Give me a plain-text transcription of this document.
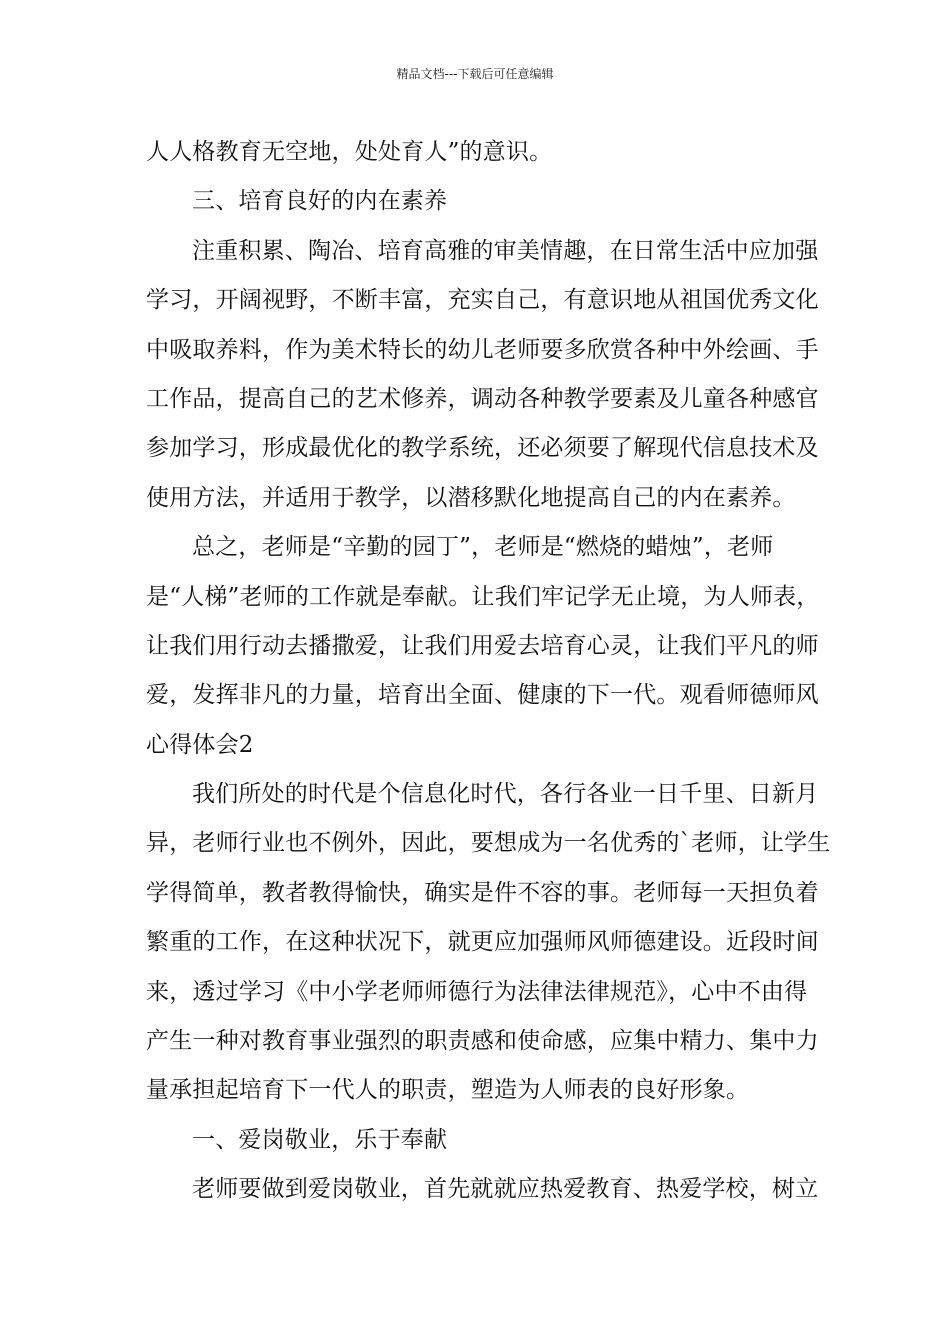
精品文档---下载后可任意编辑
人人格教育无空地，处处育人”的意识。
三、培育良好的内在素养
注重积累、陶冶、培育高雅的审美情趣，在日常生活中应加强
学习，开阔视野，不断丰富，充实自己，有意识地从祖国优秀文化
中吸取养料，作为美术特长的幼儿老师要多欣赏各种中外绘画、手
工作品，提高自己的艺术修养，调动各种教学要素及儿童各种感官
参加学习，形成最优化的教学系统，还必须要了解现代信息技术及
使用方法，并适用于教学，以潜移默化地提高自己的内在素养。
总之，老师是“辛勤的园丁”，老师是“燃烧的蜡烛”，老师
是“人梯”老师的工作就是奉献。让我们牢记学无止境，为人师表，
让我们用行动去播撒爱，让我们用爱去培育心灵，让我们平凡的师
爱，发挥非凡的力量，培育出全面、健康的下一代。观看师德师风
心得体会2
我们所处的时代是个信息化时代，各行各业一日千里、日新月
异，老师行业也不例外，因此，要想成为一名优秀的`老师，让学生
学得简单，教者教得愉快，确实是件不容的事。老师每一天担负着
繁重的工作，在这种状况下，就更应加强师风师德建设。近段时间
来，透过学习《中小学老师师德行为法律法律规范》，心中不由得
产生一种对教育事业强烈的职责感和使命感，应集中精力、集中力
量承担起培育下一代人的职责，塑造为人师表的良好形象。
一、爱岗敬业，乐于奉献
老师要做到爱岗敬业，首先就就应热爱教育、热爱学校，树立
